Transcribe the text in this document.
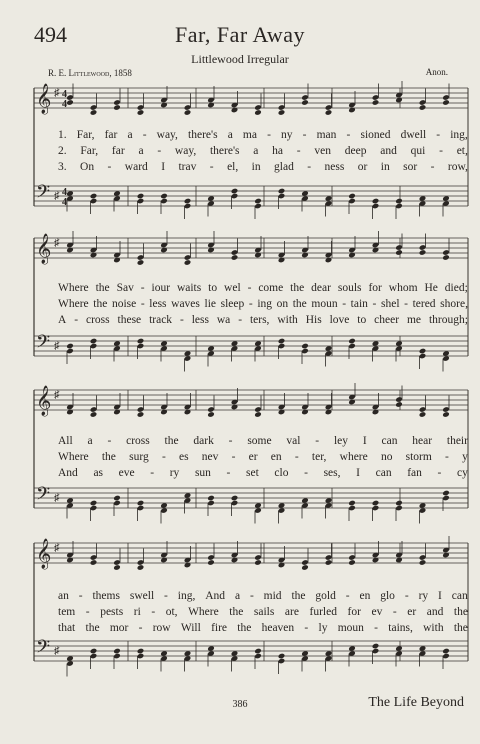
494	Far, Far Away
Littlewood Irregular
R. E. Littlewood, 1858	Anon.
𝄞
𝄢
♯
♯
4
4
4
4
𝄞
𝄢
♯
♯
𝄞
𝄢
♯
♯
𝄞
𝄢
♯
♯
1. Far, far a - way, there's a ma - ny - man - sioned dwell - ing,
2. Far, far a - way, there's a ha - ven deep and qui - et,
3. On - ward I trav - el, in glad - ness or in sor - row,
Where the Sav - iour waits to wel - come the dear souls for whom He died;
Where the noise - less waves lie sleep - ing on the moun - tain - shel - tered shore,
A - cross these track - less wa - ters, with His love to cheer me through;
All a - cross the dark - some val - ley I can hear their
Where the surg - es nev - er en - ter, where no storm - y
And as eve - ry sun - set clo - ses, I can fan - cy
an - thems swell - ing, And a - mid the gold - en glo - ry I can
tem - pests ri - ot, Where the sails are furled for ev - er and the
that the mor - row Will fire the heaven - ly moun - tains, with the
386	The Life Beyond
